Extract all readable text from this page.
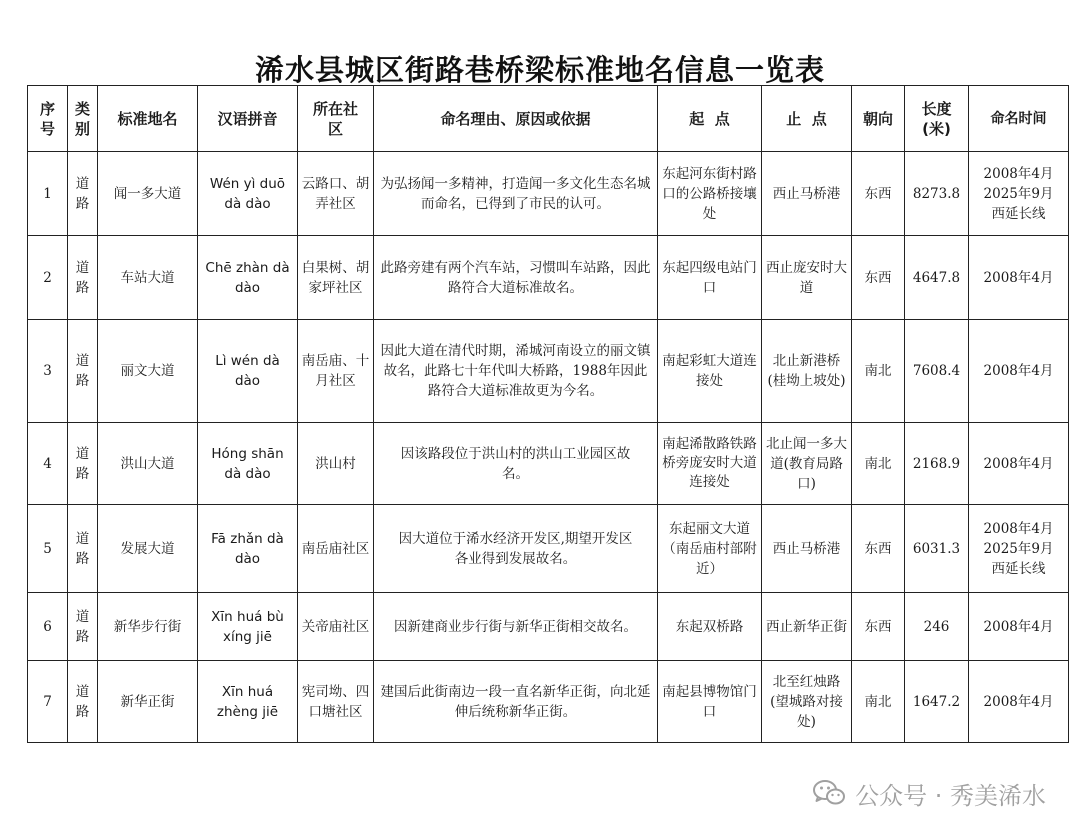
浠水县城区街路巷桥梁标准地名信息一览表
序号	类别	标准地名	汉语拼音	所在社区	命名理由、原因或依据	起  点	止  点	朝向	长度(米)	命名时间
1	道路	闻一多大道	Wén yì duō dà dào	云路口、胡弄社区	为弘扬闻一多精神，打造闻一多文化生态名城而命名，已得到了市民的认可。	东起河东街村路口的公路桥接壤处	西止马桥港	东西	8273.8	2008年4月2025年9月西延长线
2	道路	车站大道	Chē zhàn dà dào	白果树、胡家坪社区	此路旁建有两个汽车站，习惯叫车站路，因此路符合大道标准故名。	东起四级电站门口	西止庞安时大道	东西	4647.8	2008年4月
3	道路	丽文大道	Lì wén dà dào	南岳庙、十月社区	因此大道在清代时期，浠城河南设立的丽文镇故名，此路七十年代叫大桥路，1988年因此路符合大道标准故更为今名。	南起彩虹大道连接处	北止新港桥(桂坳上坡处)	南北	7608.4	2008年4月
4	道路	洪山大道	Hóng shān dà dào	洪山村	因该路段位于洪山村的洪山工业园区故名。	南起浠散路铁路桥旁庞安时大道连接处	北止闻一多大道(教育局路口)	南北	2168.9	2008年4月
5	道路	发展大道	Fā zhǎn dà dào	南岳庙社区	因大道位于浠水经济开发区,期望开发区各业得到发展故名。	东起丽文大道（南岳庙村部附近）	西止马桥港	东西	6031.3	2008年4月2025年9月西延长线
6	道路	新华步行街	Xīn huá bù xíng jiē	关帝庙社区	因新建商业步行街与新华正街相交故名。	东起双桥路	西止新华正街	东西	246	2008年4月
7	道路	新华正街	Xīn huá zhèng jiē	宪司坳、四口塘社区	建国后此街南边一段一直名新华正街，向北延伸后统称新华正街。	南起县博物馆门口	北至红烛路(望城路对接处)	南北	1647.2	2008年4月
公众号 · 秀美浠水
